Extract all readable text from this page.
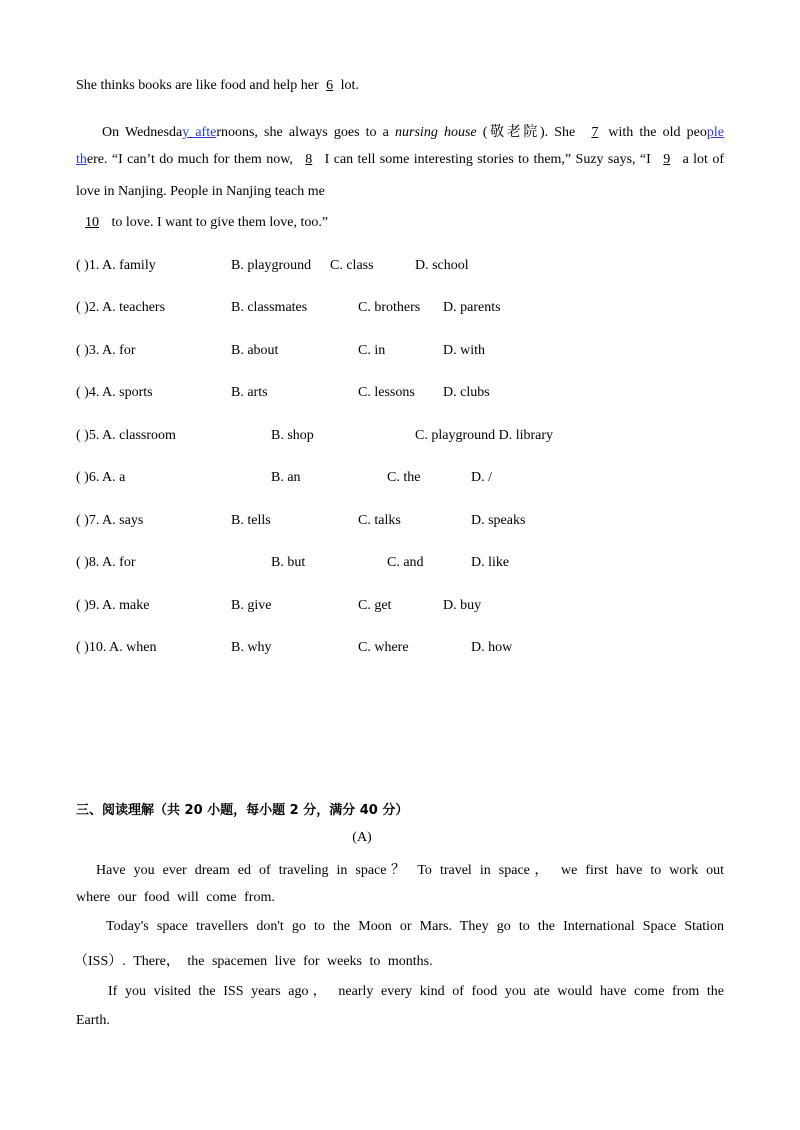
She thinks books are like food and help her 6 lot.
On Wednesday afternoons, she always goes to a nursing house (敬老院). She 7 with the old people
there. “I can’t do much for them now, 8 I can tell some interesting stories to them,” Suzy says, “I 9 a lot of
love in Nanjing. People in Nanjing teach me
10 to love. I want to give them love, too.”
( )1. A. family	B. playground C. class	D. school
( )2. A. teachers	B. classmates	C. brothers D. parents
( )3. A. for	B. about	C. in	D. with
( )4. A. sports	B. arts	C. lessons D. clubs
( )5. A. classroom	B. shop	C. playground D. library
( )6. A. a	B. an	C. the	D. /
( )7. A. says	B. tells	C. talks	D. speaks
( )8. A. for	B. but	C. and	D. like
( )9. A. make	B. give	C. get	D. buy
( )10. A. when	B. why	C. where	D. how
三、阅读理解（共 20 小题，每小题 2 分，满分 40 分）
(A)
Have you ever dream ed of traveling in space？ To travel in space， we first have to work out
where our food will come from.
Today's space travellers don't go to the Moon or Mars. They go to the International Space Station
（ISS）. There， the spacemen live for weeks to months.
If you visited the ISS years ago， nearly every kind of food you ate would have come from the
Earth.
